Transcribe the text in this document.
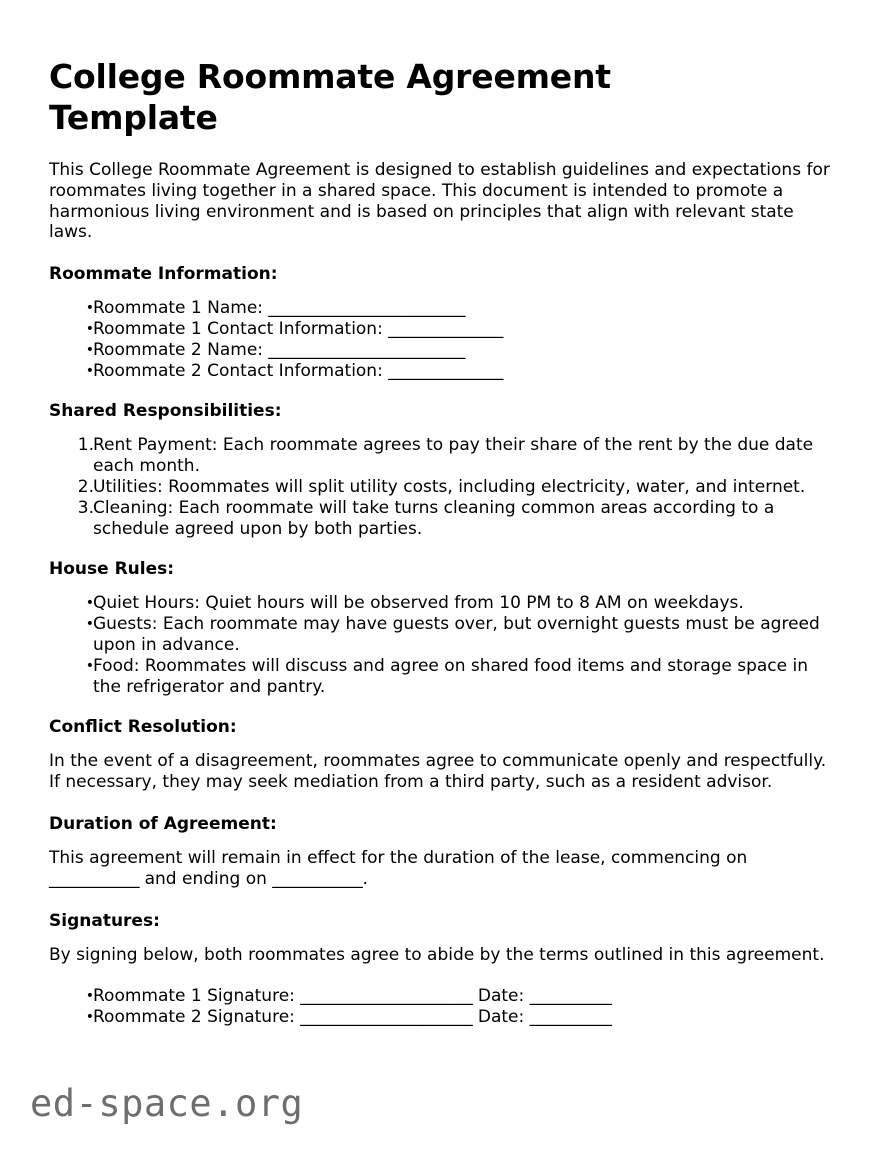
College Roommate Agreement Template

This College Roommate Agreement is designed to establish guidelines and expectations for roommates living together in a shared space. This document is intended to promote a harmonious living environment and is based on principles that align with relevant state laws.

Roommate Information:
• Roommate 1 Name: ________________________
• Roommate 1 Contact Information: ______________
• Roommate 2 Name: ________________________
• Roommate 2 Contact Information: ______________
Shared Responsibilities:
1. Rent Payment: Each roommate agrees to pay their share of the rent by the due date each month.
2. Utilities: Roommates will split utility costs, including electricity, water, and internet.
3. Cleaning: Each roommate will take turns cleaning common areas according to a schedule agreed upon by both parties.
House Rules:
• Quiet Hours: Quiet hours will be observed from 10 PM to 8 AM on weekdays.
• Guests: Each roommate may have guests over, but overnight guests must be agreed upon in advance.
• Food: Roommates will discuss and agree on shared food items and storage space in the refrigerator and pantry.
Conflict Resolution:

In the event of a disagreement, roommates agree to communicate openly and respectfully. If necessary, they may seek mediation from a third party, such as a resident advisor.

Duration of Agreement:

This agreement will remain in effect for the duration of the lease, commencing on ___________ and ending on ___________.

Signatures:

By signing below, both roommates agree to abide by the terms outlined in this agreement.

• Roommate 1 Signature: _____________________ Date: __________
• Roommate 2 Signature: _____________________ Date: __________
ed-space.org
